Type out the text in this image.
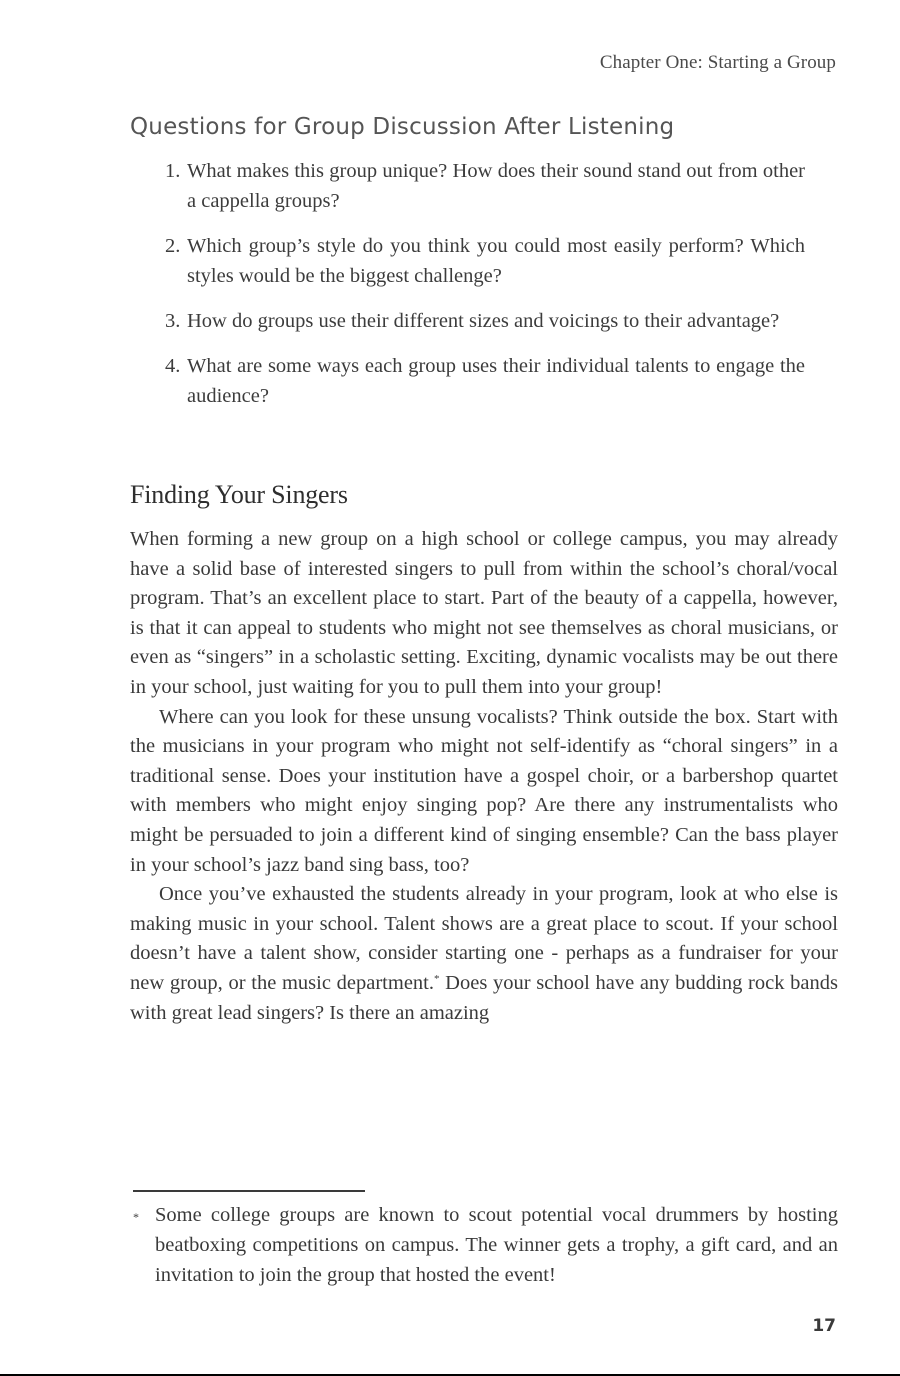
Chapter One: Starting a Group
Questions for Group Discussion After Listening
1. What makes this group unique? How does their sound stand out from other a cappella groups?
2. Which group’s style do you think you could most easily perform? Which styles would be the biggest challenge?
3. How do groups use their different sizes and voicings to their advantage?
4. What are some ways each group uses their individual talents to engage the audience?
Finding Your Singers

When forming a new group on a high school or college campus, you may already have a solid base of interested singers to pull from within the school’s choral/vocal program. That’s an excellent place to start. Part of the beauty of a cappella, however, is that it can appeal to students who might not see themselves as choral musicians, or even as “singers” in a scholastic setting. Exciting, dynamic vocalists may be out there in your school, just waiting for you to pull them into your group!

Where can you look for these unsung vocalists? Think outside the box. Start with the musicians in your program who might not self-identify as “choral singers” in a traditional sense. Does your institution have a gospel choir, or a barbershop quartet with members who might enjoy singing pop? Are there any instrumentalists who might be persuaded to join a different kind of singing ensemble? Can the bass player in your school’s jazz band sing bass, too?

Once you’ve exhausted the students already in your program, look at who else is making music in your school. Talent shows are a great place to scout. If your school doesn’t have a talent show, consider starting one - perhaps as a fundraiser for your new group, or the music department.* Does your school have any budding rock bands with great lead singers? Is there an amazing

* Some college groups are known to scout potential vocal drummers by hosting beatboxing competitions on campus. The winner gets a trophy, a gift card, and an invitation to join the group that hosted the event!
17
